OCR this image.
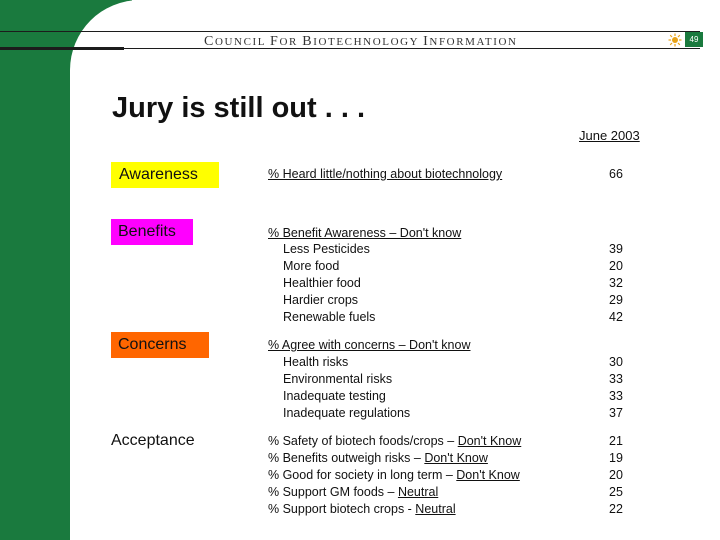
COUNCIL FOR BIOTECHNOLOGY INFORMATION	49
Jury is still out . . .
June 2003
Awareness
Benefits
Concerns
Acceptance
% Heard little/nothing about biotechnology	66
% Benefit Awareness – Don't know
Less Pesticides
More food
Healthier food
Hardier crops
Renewable fuels
39
20
32
29
42
% Agree with concerns – Don't know
Health risks
Environmental risks
Inadequate testing
Inadequate regulations
30
33
33
37
% Safety of biotech foods/crops – Don't Know
% Benefits outweigh risks – Don't Know
% Good for society in long term – Don't Know
% Support GM foods – Neutral
% Support biotech crops - Neutral
21
19
20
25
22
